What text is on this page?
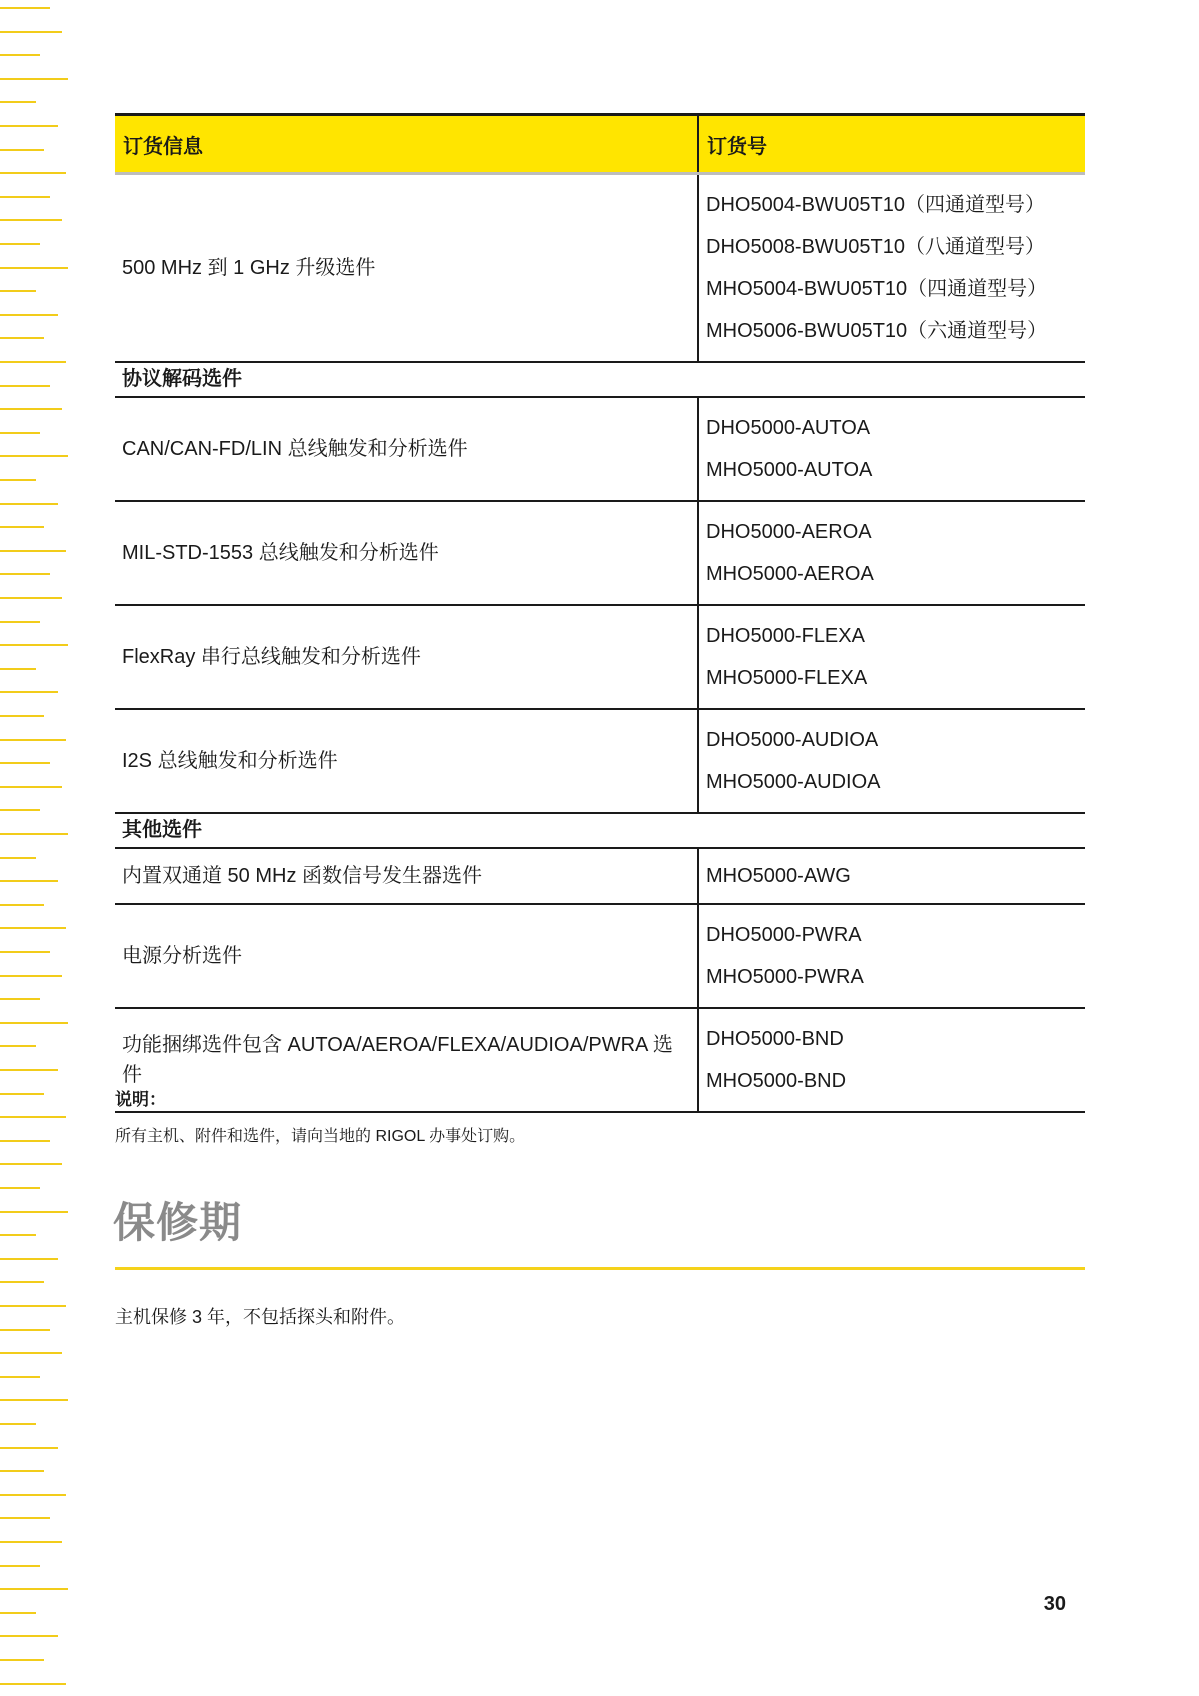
订货信息	订货号
500 MHz 到 1 GHz 升级选件	DHO5004-BWU05T10（四通道型号）
DHO5008-BWU05T10（八通道型号）
MHO5004-BWU05T10（四通道型号）
MHO5006-BWU05T10（六通道型号）

协议解码选件	
CAN/CAN-FD/LIN 总线触发和分析选件	DHO5000-AUTOA
MHO5000-AUTOA

MIL-STD-1553 总线触发和分析选件	DHO5000-AEROA
MHO5000-AEROA

FlexRay 串行总线触发和分析选件	DHO5000-FLEXA
MHO5000-FLEXA

I2S 总线触发和分析选件	DHO5000-AUDIOA
MHO5000-AUDIOA

其他选件	
内置双通道 50 MHz 函数信号发生器选件	MHO5000-AWG
电源分析选件	DHO5000-PWRA
MHO5000-PWRA

功能捆绑选件包含 AUTOA/AEROA/FLEXA/AUDIOA/PWRA 选件	DHO5000-BND
MHO5000-BND
说明：
所有主机、附件和选件，请向当地的 RIGOL 办事处订购。
保修期
主机保修 3 年，不包括探头和附件。
30
